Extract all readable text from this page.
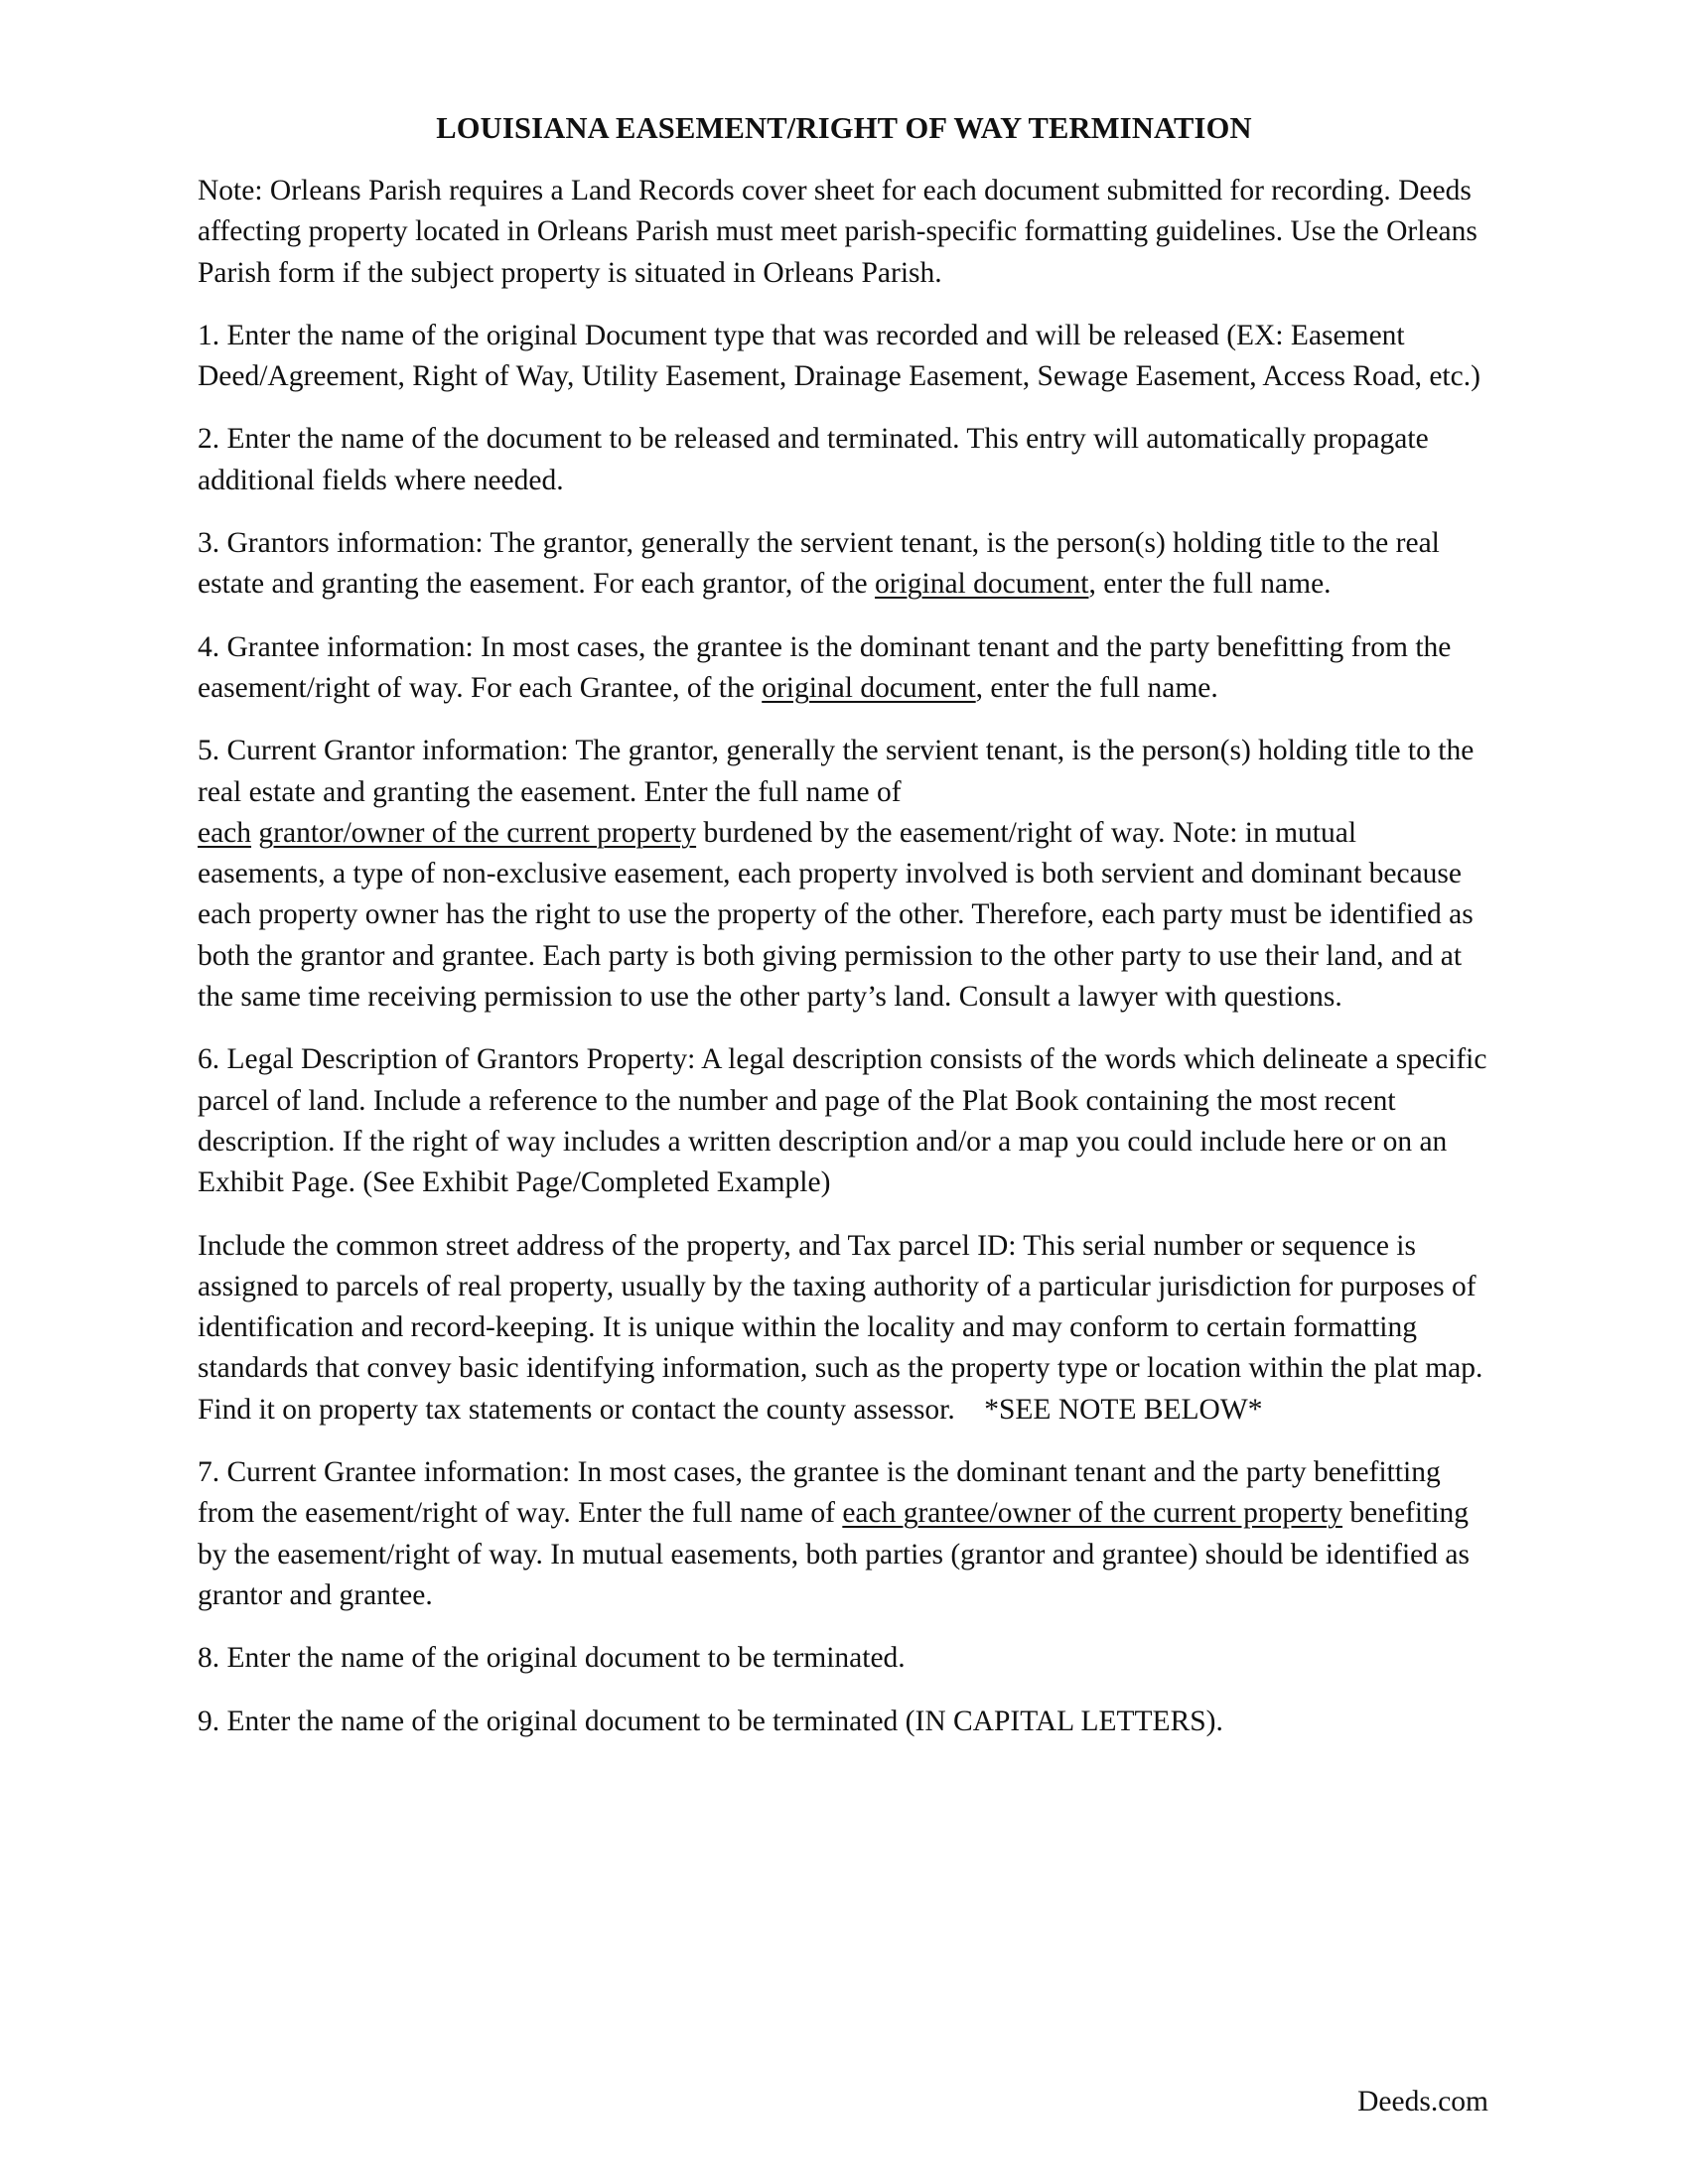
LOUISIANA EASEMENT/RIGHT OF WAY TERMINATION

Note: Orleans Parish requires a Land Records cover sheet for each document submitted for recording. Deeds affecting property located in Orleans Parish must meet parish-specific formatting guidelines. Use the Orleans Parish form if the subject property is situated in Orleans Parish.

1. Enter the name of the original Document type that was recorded and will be released (EX: Easement Deed/Agreement, Right of Way, Utility Easement, Drainage Easement, Sewage Easement, Access Road, etc.)

2. Enter the name of the document to be released and terminated. This entry will automatically propagate additional fields where needed.

3. Grantors information: The grantor, generally the servient tenant, is the person(s) holding title to the real estate and granting the easement. For each grantor, of the original document, enter the full name.

4. Grantee information: In most cases, the grantee is the dominant tenant and the party benefitting from the easement/right of way. For each Grantee, of the original document, enter the full name.

5. Current Grantor information: The grantor, generally the servient tenant, is the person(s) holding title to the real estate and granting the easement. Enter the full name of
each grantor/owner of the current property burdened by the easement/right of way. Note: in mutual easements, a type of non-exclusive easement, each property involved is both servient and dominant because each property owner has the right to use the property of the other. Therefore, each party must be identified as both the grantor and grantee. Each party is both giving permission to the other party to use their land, and at the same time receiving permission to use the other party’s land. Consult a lawyer with questions.

6. Legal Description of Grantors Property: A legal description consists of the words which delineate a specific parcel of land. Include a reference to the number and page of the Plat Book containing the most recent description. If the right of way includes a written description and/or a map you could include here or on an Exhibit Page. (See Exhibit Page/Completed Example)

Include the common street address of the property, and Tax parcel ID: This serial number or sequence is assigned to parcels of real property, usually by the taxing authority of a particular jurisdiction for purposes of identification and record-keeping. It is unique within the locality and may conform to certain formatting standards that convey basic identifying information, such as the property type or location within the plat map. Find it on property tax statements or contact the county assessor.    *SEE NOTE BELOW*

7. Current Grantee information: In most cases, the grantee is the dominant tenant and the party benefitting from the easement/right of way. Enter the full name of each grantee/owner of the current property benefiting by the easement/right of way. In mutual easements, both parties (grantor and grantee) should be identified as grantor and grantee.

8. Enter the name of the original document to be terminated.

9. Enter the name of the original document to be terminated (IN CAPITAL LETTERS).

Deeds.com
